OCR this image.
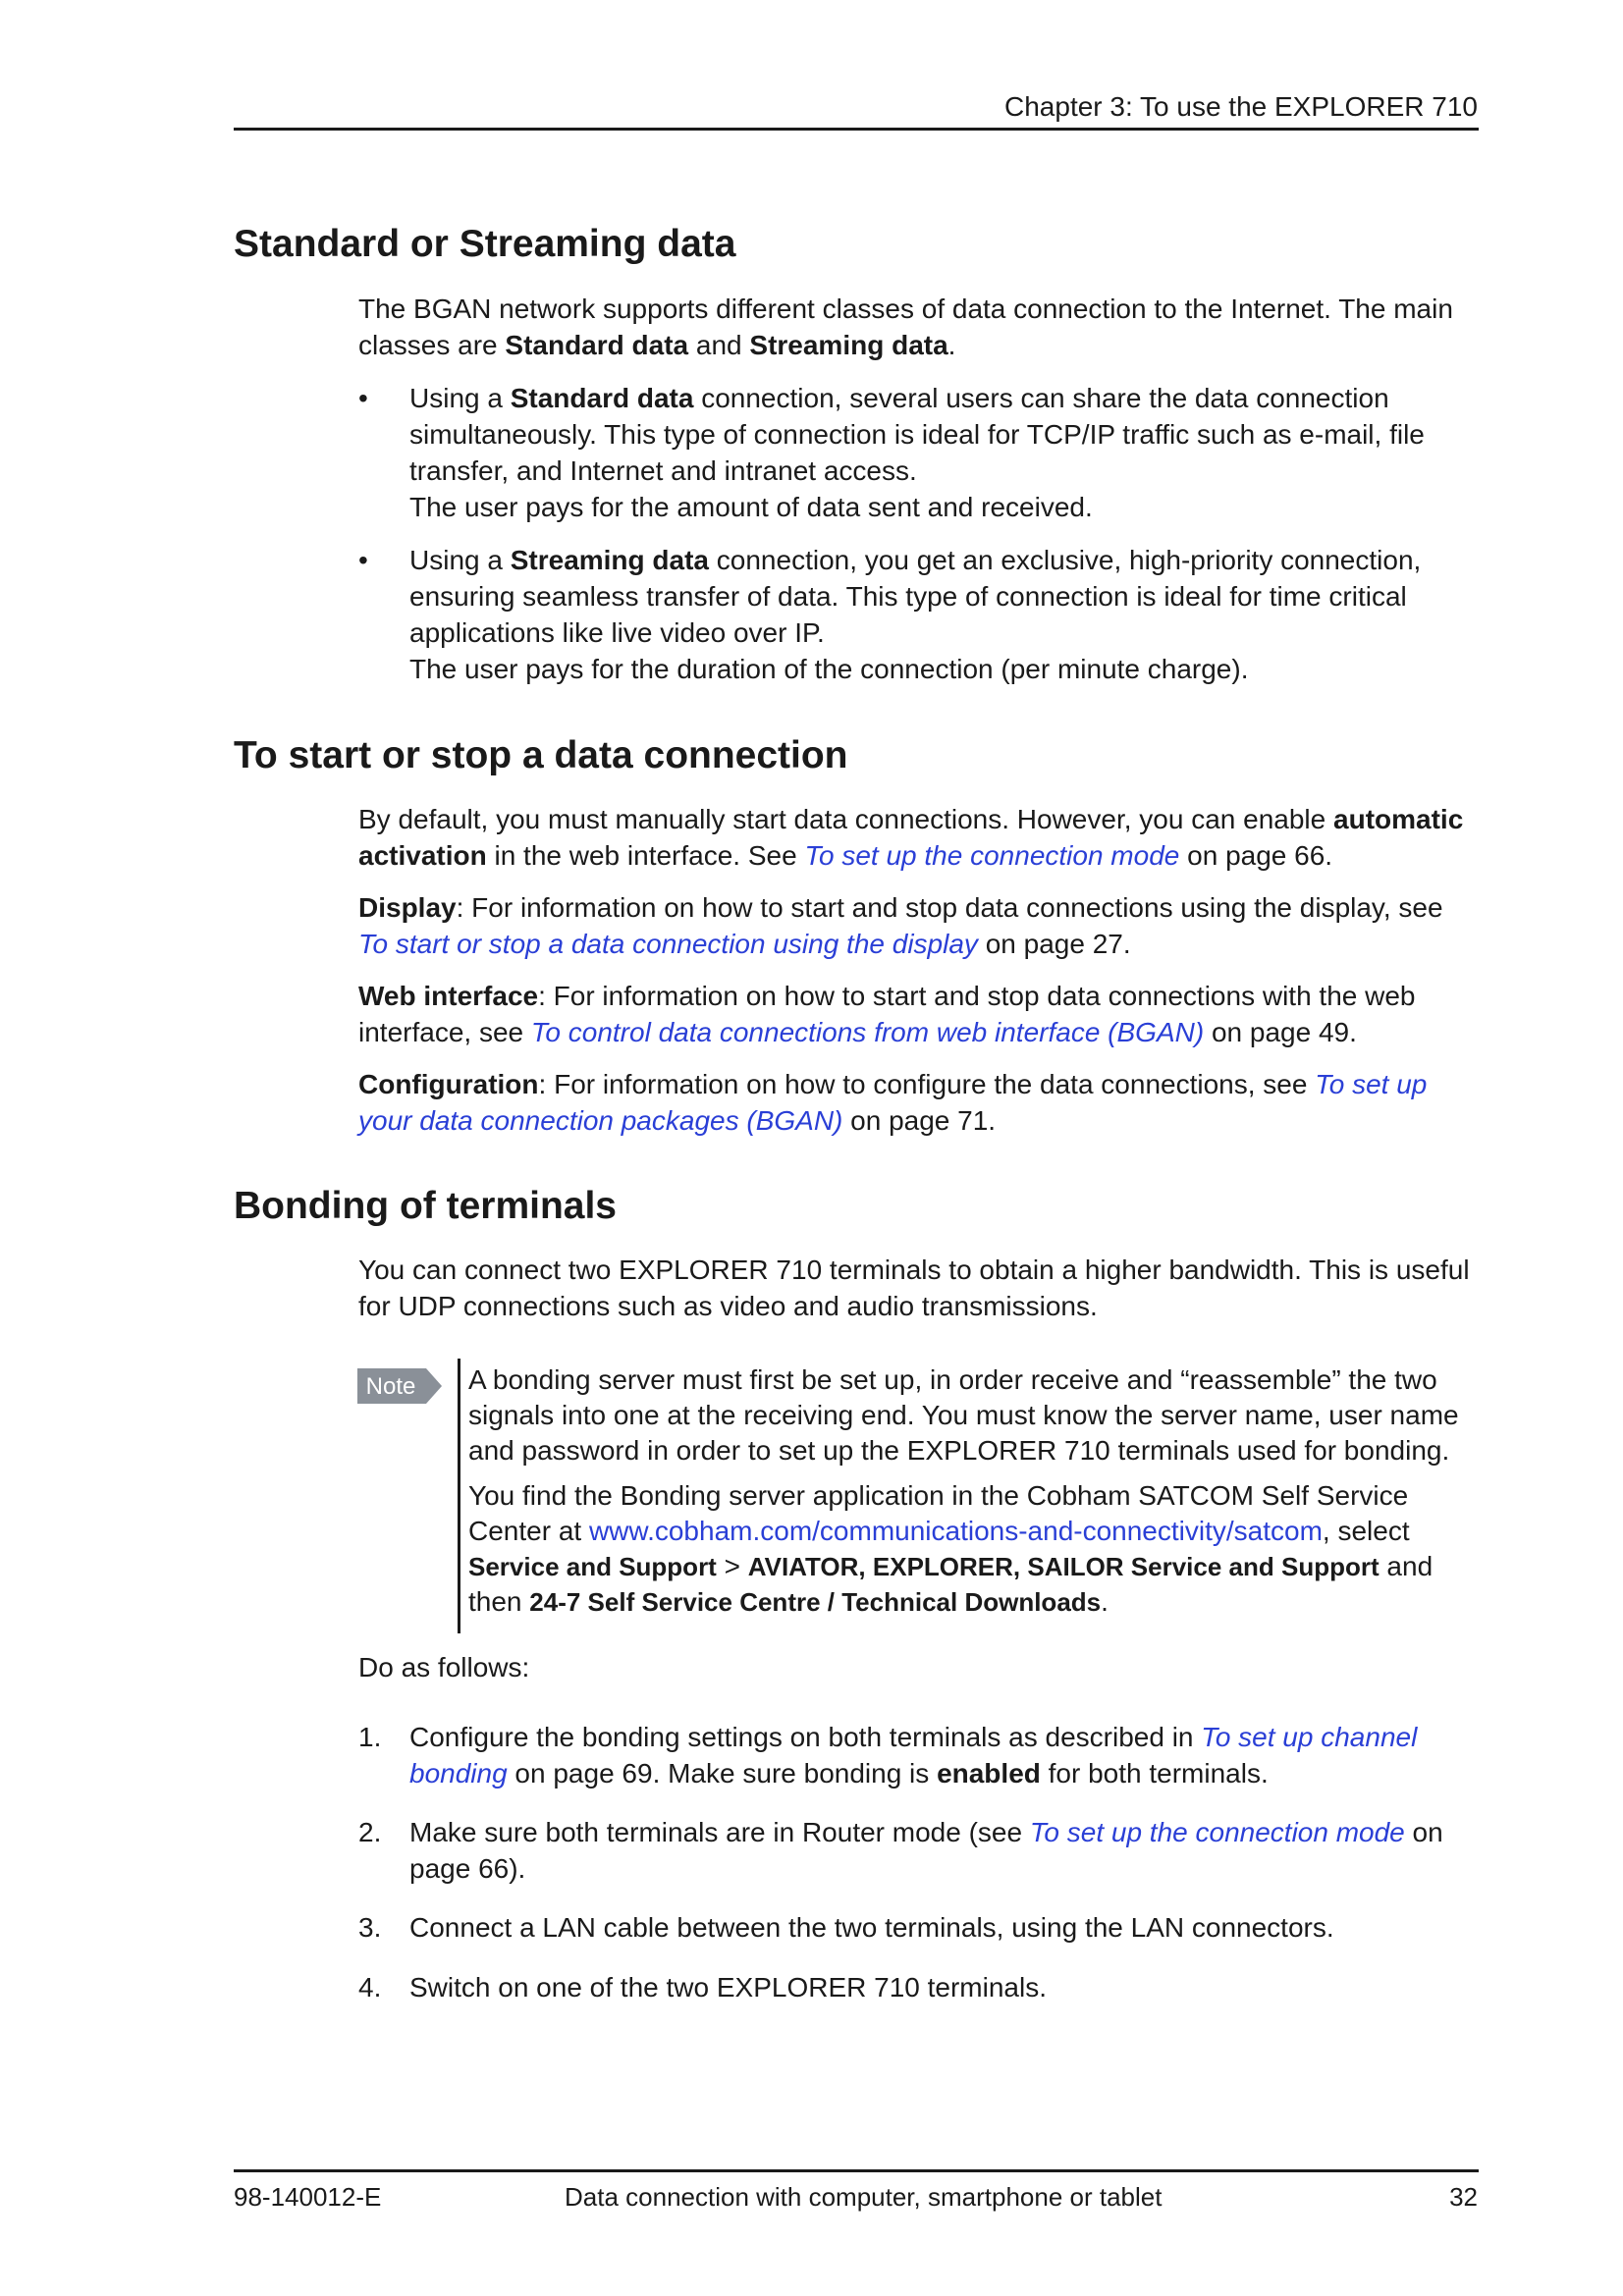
Chapter 3: To use the EXPLORER 710
Standard or Streaming data

The BGAN network supports different classes of data connection to the Internet. The main classes are Standard data and Streaming data.

•	Using a Standard data connection, several users can share the data connection simultaneously. This type of connection is ideal for TCP/IP traffic such as e-mail, file transfer, and Internet and intranet access.

The user pays for the amount of data sent and received.

•	Using a Streaming data connection, you get an exclusive, high-priority connection, ensuring seamless transfer of data. This type of connection is ideal for time critical applications like live video over IP.

The user pays for the duration of the connection (per minute charge).

To start or stop a data connection

By default, you must manually start data connections. However, you can enable automatic activation in the web interface. See To set up the connection mode on page 66.

Display: For information on how to start and stop data connections using the display, see To start or stop a data connection using the display on page 27.

Web interface: For information on how to start and stop data connections with the web interface, see To control data connections from web interface (BGAN) on page 49.

Configuration: For information on how to configure the data connections, see To set up your data connection packages (BGAN) on page 71.

Bonding of terminals
You can connect two EXPLORER 710 terminals to obtain a higher bandwidth. This is useful for UDP connections such as video and audio transmissions.
Note A bonding server must first be set up, in order receive and “reassemble” the two signals into one at the receiving end. You must know the server name, user name and password in order to set up the EXPLORER 710 terminals used for bonding.

You find the Bonding server application in the Cobham SATCOM Self Service Center at www.cobham.com/communications-and-connectivity/satcom, select Service and Support > AVIATOR, EXPLORER, SAILOR Service and Support and then 24-7 Self Service Centre / Technical Downloads.

Do as follows:
1. Configure the bonding settings on both terminals as described in To set up channel bonding on page 69. Make sure bonding is enabled for both terminals.
2. Make sure both terminals are in Router mode (see To set up the connection mode on page 66).
3. Connect a LAN cable between the two terminals, using the LAN connectors.
4. Switch on one of the two EXPLORER 710 terminals.
98-140012-E	Data connection with computer, smartphone or tablet	32
